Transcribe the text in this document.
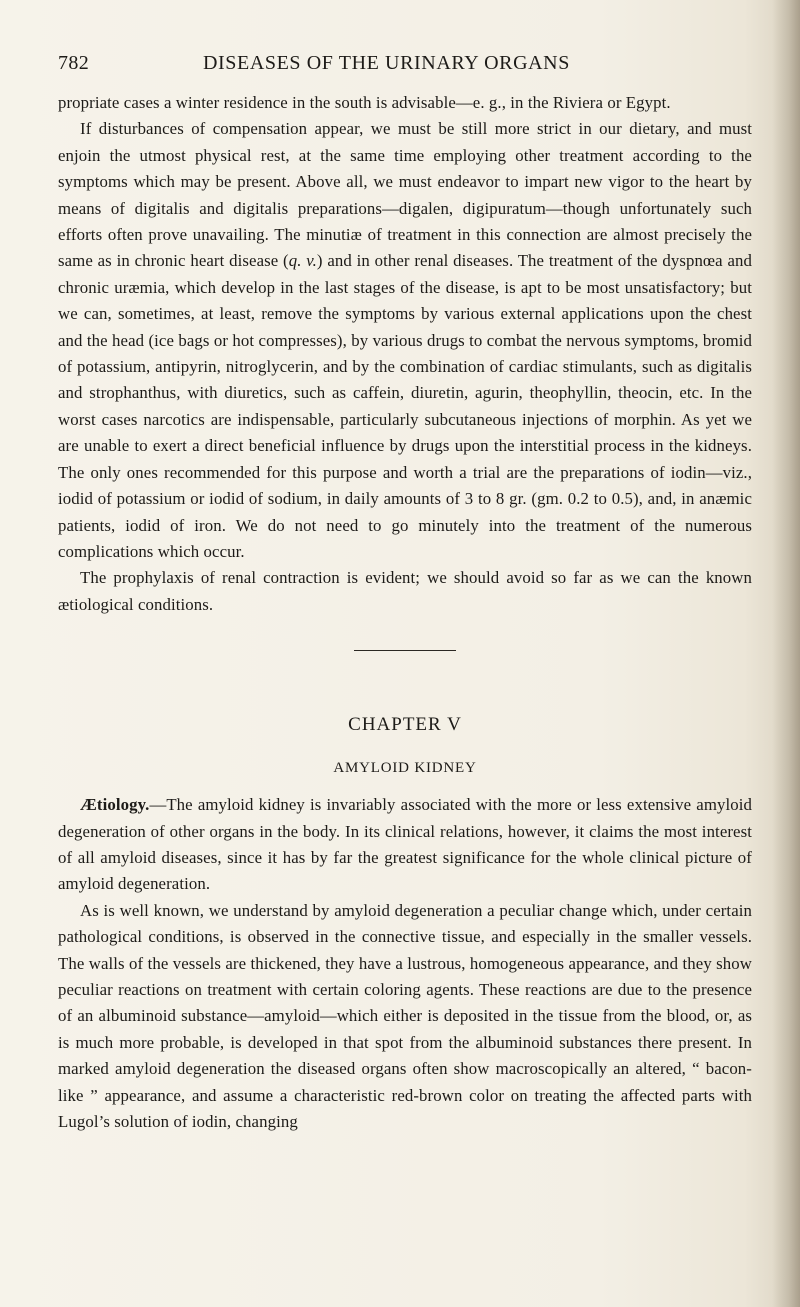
782	DISEASES OF THE URINARY ORGANS

propriate cases a winter residence in the south is advisable—e. g., in the Riviera or Egypt.

If disturbances of compensation appear, we must be still more strict in our dietary, and must enjoin the utmost physical rest, at the same time employing other treatment according to the symptoms which may be present. Above all, we must endeavor to impart new vigor to the heart by means of digitalis and digitalis preparations—digalen, digipuratum—though unfortunately such efforts often prove unavailing. The minutiæ of treatment in this connection are almost precisely the same as in chronic heart disease (q. v.) and in other renal diseases. The treatment of the dyspnœa and chronic uræmia, which develop in the last stages of the disease, is apt to be most unsatisfactory; but we can, sometimes, at least, remove the symptoms by various external applications upon the chest and the head (ice bags or hot compresses), by various drugs to combat the nervous symptoms, bromid of potassium, antipyrin, nitroglycerin, and by the combination of cardiac stimulants, such as digitalis and strophanthus, with diuretics, such as caffein, diuretin, agurin, theophyllin, theocin, etc. In the worst cases narcotics are indispensable, particularly subcutaneous injections of morphin. As yet we are unable to exert a direct beneficial influence by drugs upon the interstitial process in the kidneys. The only ones recommended for this purpose and worth a trial are the preparations of iodin—viz., iodid of potassium or iodid of sodium, in daily amounts of 3 to 8 gr. (gm. 0.2 to 0.5), and, in anæmic patients, iodid of iron. We do not need to go minutely into the treatment of the numerous complications which occur.

The prophylaxis of renal contraction is evident; we should avoid so far as we can the known ætiological conditions.

CHAPTER V
AMYLOID KIDNEY

Ætiology.—The amyloid kidney is invariably associated with the more or less extensive amyloid degeneration of other organs in the body. In its clinical relations, however, it claims the most interest of all amyloid diseases, since it has by far the greatest significance for the whole clinical picture of amyloid degeneration.

As is well known, we understand by amyloid degeneration a peculiar change which, under certain pathological conditions, is observed in the connective tissue, and especially in the smaller vessels. The walls of the vessels are thickened, they have a lustrous, homogeneous appearance, and they show peculiar reactions on treatment with certain coloring agents. These reactions are due to the presence of an albuminoid substance—amyloid—which either is deposited in the tissue from the blood, or, as is much more probable, is developed in that spot from the albuminoid substances there present. In marked amyloid degeneration the diseased organs often show macroscopically an altered, “ bacon-like ” appearance, and assume a characteristic red-brown color on treating the affected parts with Lugol’s solution of iodin, changing
